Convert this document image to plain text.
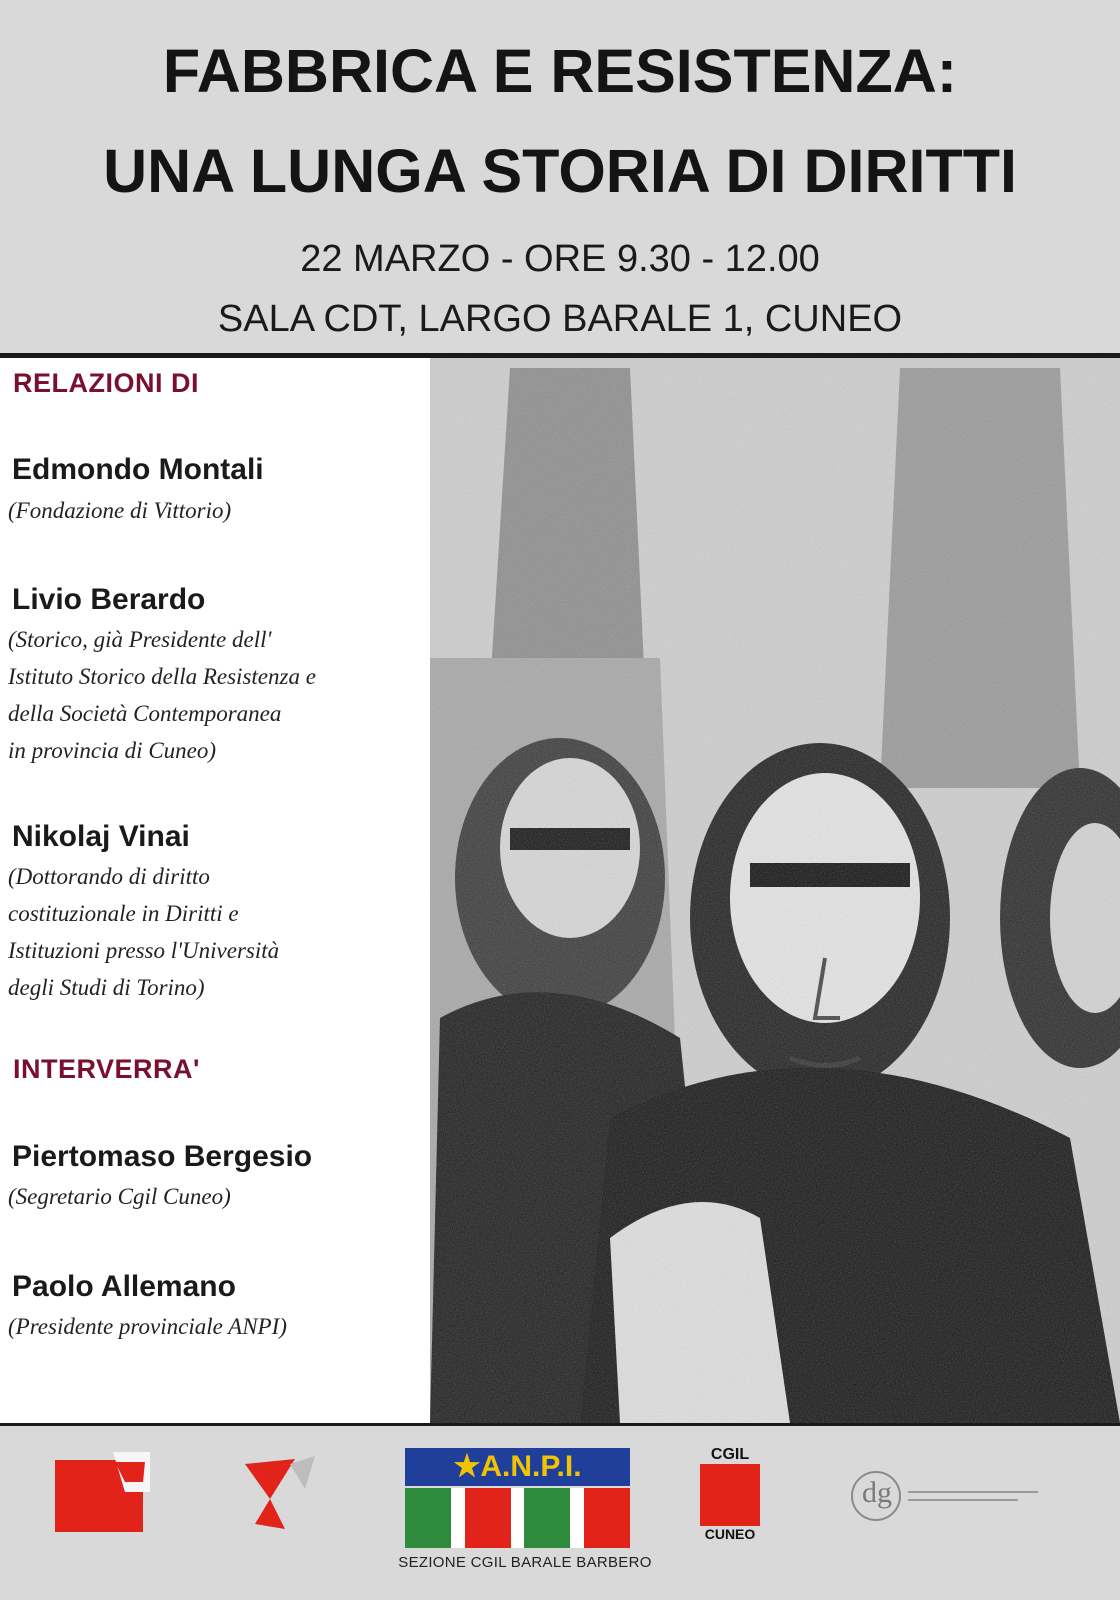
FABBRICA E RESISTENZA:
UNA LUNGA STORIA DI DIRITTI
22 MARZO - ORE 9.30 - 12.00
SALA CDT, LARGO BARALE 1, CUNEO
RELAZIONI DI
Edmondo Montali
(Fondazione di Vittorio)
Livio Berardo
(Storico, già Presidente dell'
Istituto Storico della Resistenza e
della Società Contemporanea
in provincia di Cuneo)
Nikolaj Vinai
(Dottorando di diritto
costituzionale in Diritti e
Istituzioni presso l'Università
degli Studi di Torino)
INTERVERRA'
Piertomaso Bergesio
(Segretario Cgil Cuneo)
Paolo Allemano
(Presidente provinciale ANPI)
★A.N.P.I.
SEZIONE CGIL BARALE BARBERO
CGIL
CUNEO
dg
